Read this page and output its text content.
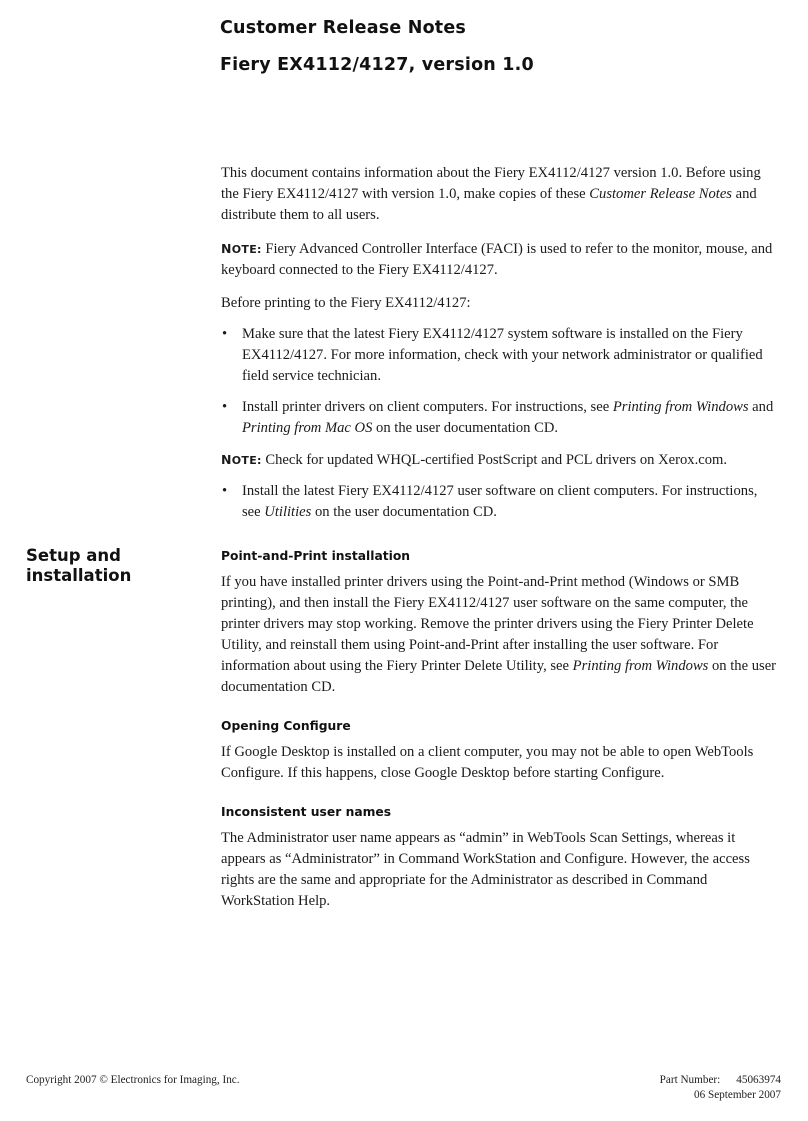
Customer Release Notes
Fiery EX4112/4127, version 1.0

This document contains information about the Fiery EX4112/4127 version 1.0. Before using the Fiery EX4112/4127 with version 1.0, make copies of these Customer Release Notes and distribute them to all users.

NOTE: Fiery Advanced Controller Interface (FACI) is used to refer to the monitor, mouse, and keyboard connected to the Fiery EX4112/4127.

Before printing to the Fiery EX4112/4127:

• Make sure that the latest Fiery EX4112/4127 system software is installed on the Fiery EX4112/4127. For more information, check with your network administrator or qualified field service technician.

• Install printer drivers on client computers. For instructions, see Printing from Windows and Printing from Mac OS on the user documentation CD.

NOTE: Check for updated WHQL-certified PostScript and PCL drivers on Xerox.com.

• Install the latest Fiery EX4112/4127 user software on client computers. For instructions, see Utilities on the user documentation CD.

Setup and
installation
Point-and-Print installation

If you have installed printer drivers using the Point-and-Print method (Windows or SMB printing), and then install the Fiery EX4112/4127 user software on the same computer, the printer drivers may stop working. Remove the printer drivers using the Fiery Printer Delete Utility, and reinstall them using Point-and-Print after installing the user software. For information about using the Fiery Printer Delete Utility, see Printing from Windows on the user documentation CD.

Opening Configure

If Google Desktop is installed on a client computer, you may not be able to open WebTools Configure. If this happens, close Google Desktop before starting Configure.

Inconsistent user names

The Administrator user name appears as “admin” in WebTools Scan Settings, whereas it appears as “Administrator” in Command WorkStation and Configure. However, the access rights are the same and appropriate for the Administrator as described in Command WorkStation Help.

Copyright 2007 © Electronics for Imaging, Inc.	Part Number: 45063974
06 September 2007
